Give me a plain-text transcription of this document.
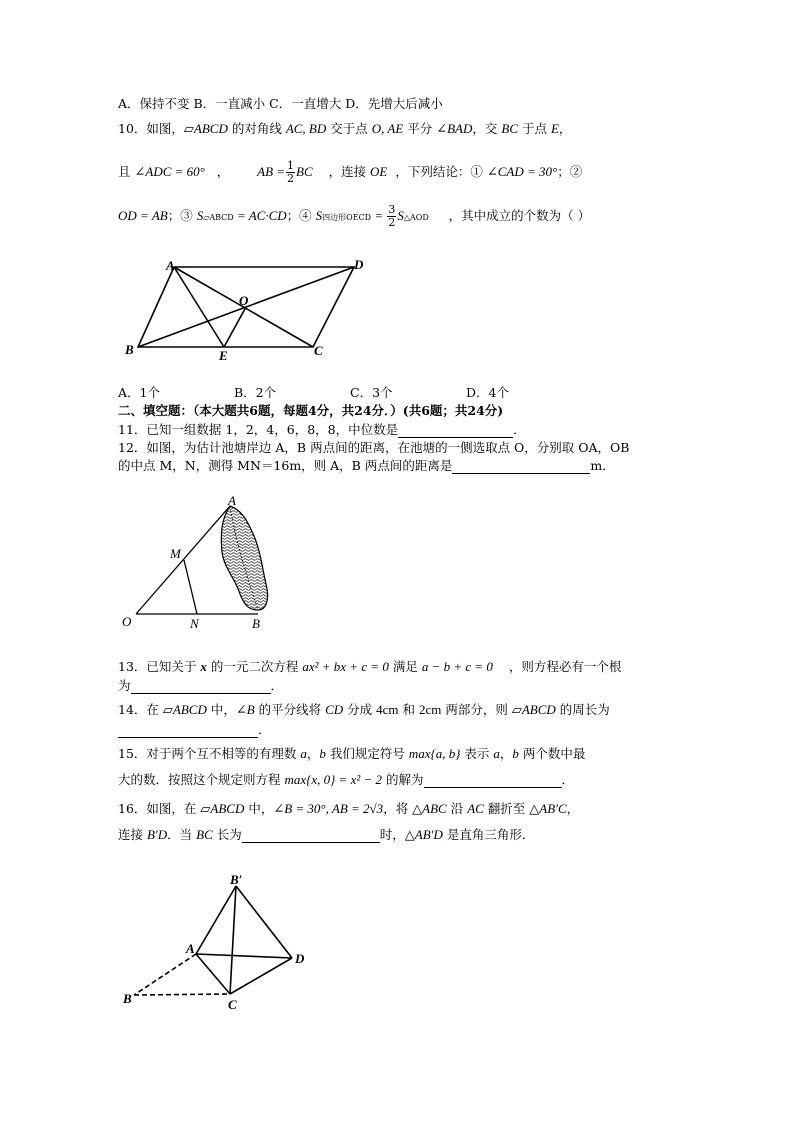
A．保持不变 B．一直减小 C．一直增大 D．先增大后减小
10．如图，▱ABCD 的对角线 AC, BD 交于点 O, AE 平分 ∠BAD，交 BC 于点 E，
且 ∠ADC = 60° ， AB = $\frac{1}{2}$ BC ，连接 OE ，下列结论：① ∠CAD = 30°；②
OD = AB；③ S▱ABCD = AC·CD；④ S四边形OECD = $\frac{3}{2}$ S△AOD ，其中成立的个数为（ ）
A	D
O
B	E	C
A．1个	B．2个	C．3个	D．4个
二、填空题：（本大题共6题，每题4分，共24分．）(共6题；共24分)
11．已知一组数据 1，2，4，6，8，8，中位数是	．
12．如图，为估计池塘岸边 A，B 两点间的距离，在池塘的一侧选取点 O，分别取 OA，OB
的中点 M，N，测得 MN＝16m，则 A，B 两点间的距离是	m．
A
M
O	N	B
13．已知关于 x 的一元二次方程 ax² + bx + c = 0 满足 a − b + c = 0 ，则方程必有一个根
为	．
14．在 ▱ABCD 中，∠B 的平分线将 CD 分成 4cm 和 2cm 两部分，则 ▱ABCD 的周长为
．
15．对于两个互不相等的有理数 a，b 我们规定符号 max{a, b} 表示 a，b 两个数中最
大的数．按照这个规定则方程 max{x, 0} = x² − 2 的解为	．
16．如图，在 ▱ABCD 中，∠B = 30°, AB = 2√3，将 △ABC 沿 AC 翻折至 △AB′C，
连接 B′D．当 BC 长为	时，△AB′D 是直角三角形．
B′
A
D
B	C
